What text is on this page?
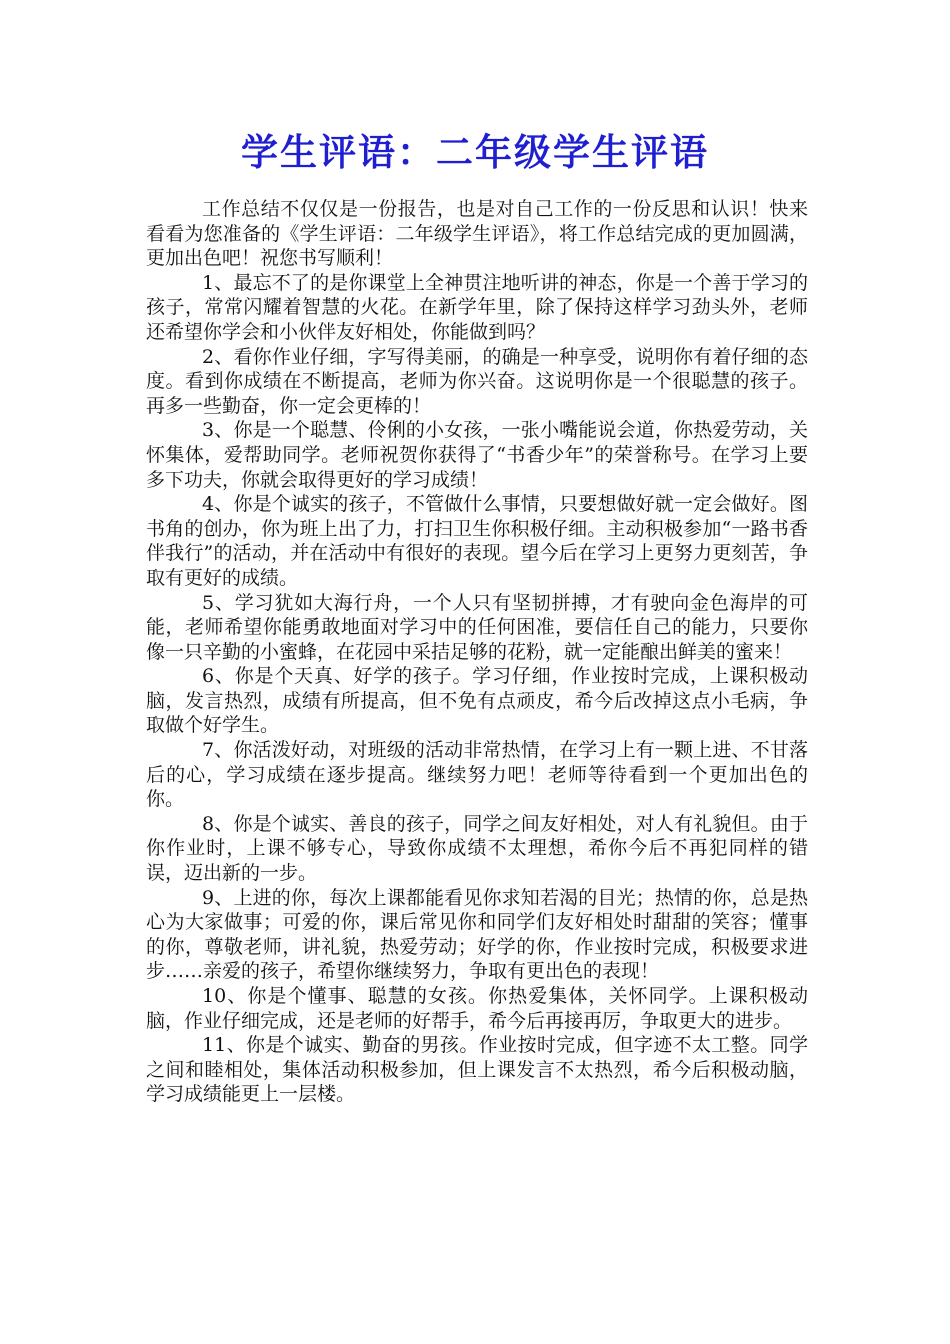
学生评语：二年级学生评语

工作总结不仅仅是一份报告，也是对自己工作的一份反思和认识！快来看看为您准备的《学生评语：二年级学生评语》，将工作总结完成的更加圆满，更加出色吧！祝您书写顺利！

1、最忘不了的是你课堂上全神贯注地听讲的神态，你是一个善于学习的孩子，常常闪耀着智慧的火花。在新学年里，除了保持这样学习劲头外，老师还希望你学会和小伙伴友好相处，你能做到吗？

2、看你作业仔细，字写得美丽，的确是一种享受，说明你有着仔细的态度。看到你成绩在不断提高，老师为你兴奋。这说明你是一个很聪慧的孩子。再多一些勤奋，你一定会更棒的！

3、你是一个聪慧、伶俐的小女孩，一张小嘴能说会道，你热爱劳动，关怀集体，爱帮助同学。老师祝贺你获得了“书香少年”的荣誉称号。在学习上要多下功夫，你就会取得更好的学习成绩！

4、你是个诚实的孩子，不管做什么事情，只要想做好就一定会做好。图书角的创办，你为班上出了力，打扫卫生你积极仔细。主动积极参加“一路书香伴我行”的活动，并在活动中有很好的表现。望今后在学习上更努力更刻苦，争取有更好的成绩。

5、学习犹如大海行舟，一个人只有坚韧拼搏，才有驶向金色海岸的可能，老师希望你能勇敢地面对学习中的任何困准，要信任自己的能力，只要你像一只辛勤的小蜜蜂，在花园中采拮足够的花粉，就一定能酿出鲜美的蜜来！

6、你是个天真、好学的孩子。学习仔细，作业按时完成，上课积极动脑，发言热烈，成绩有所提高，但不免有点顽皮，希今后改掉这点小毛病，争取做个好学生。

7、你活泼好动，对班级的活动非常热情，在学习上有一颗上进、不甘落后的心，学习成绩在逐步提高。继续努力吧！老师等待看到一个更加出色的你。

8、你是个诚实、善良的孩子，同学之间友好相处，对人有礼貌但。由于你作业时，上课不够专心，导致你成绩不太理想，希你今后不再犯同样的错误，迈出新的一步。

9、上进的你，每次上课都能看见你求知若渴的目光；热情的你，总是热心为大家做事；可爱的你，课后常见你和同学们友好相处时甜甜的笑容；懂事的你，尊敬老师，讲礼貌，热爱劳动；好学的你，作业按时完成，积极要求进步……亲爱的孩子，希望你继续努力，争取有更出色的表现！

10、你是个懂事、聪慧的女孩。你热爱集体，关怀同学。上课积极动脑，作业仔细完成，还是老师的好帮手，希今后再接再厉，争取更大的进步。

11、你是个诚实、勤奋的男孩。作业按时完成，但字迹不太工整。同学之间和睦相处，集体活动积极参加，但上课发言不太热烈，希今后积极动脑，学习成绩能更上一层楼。
